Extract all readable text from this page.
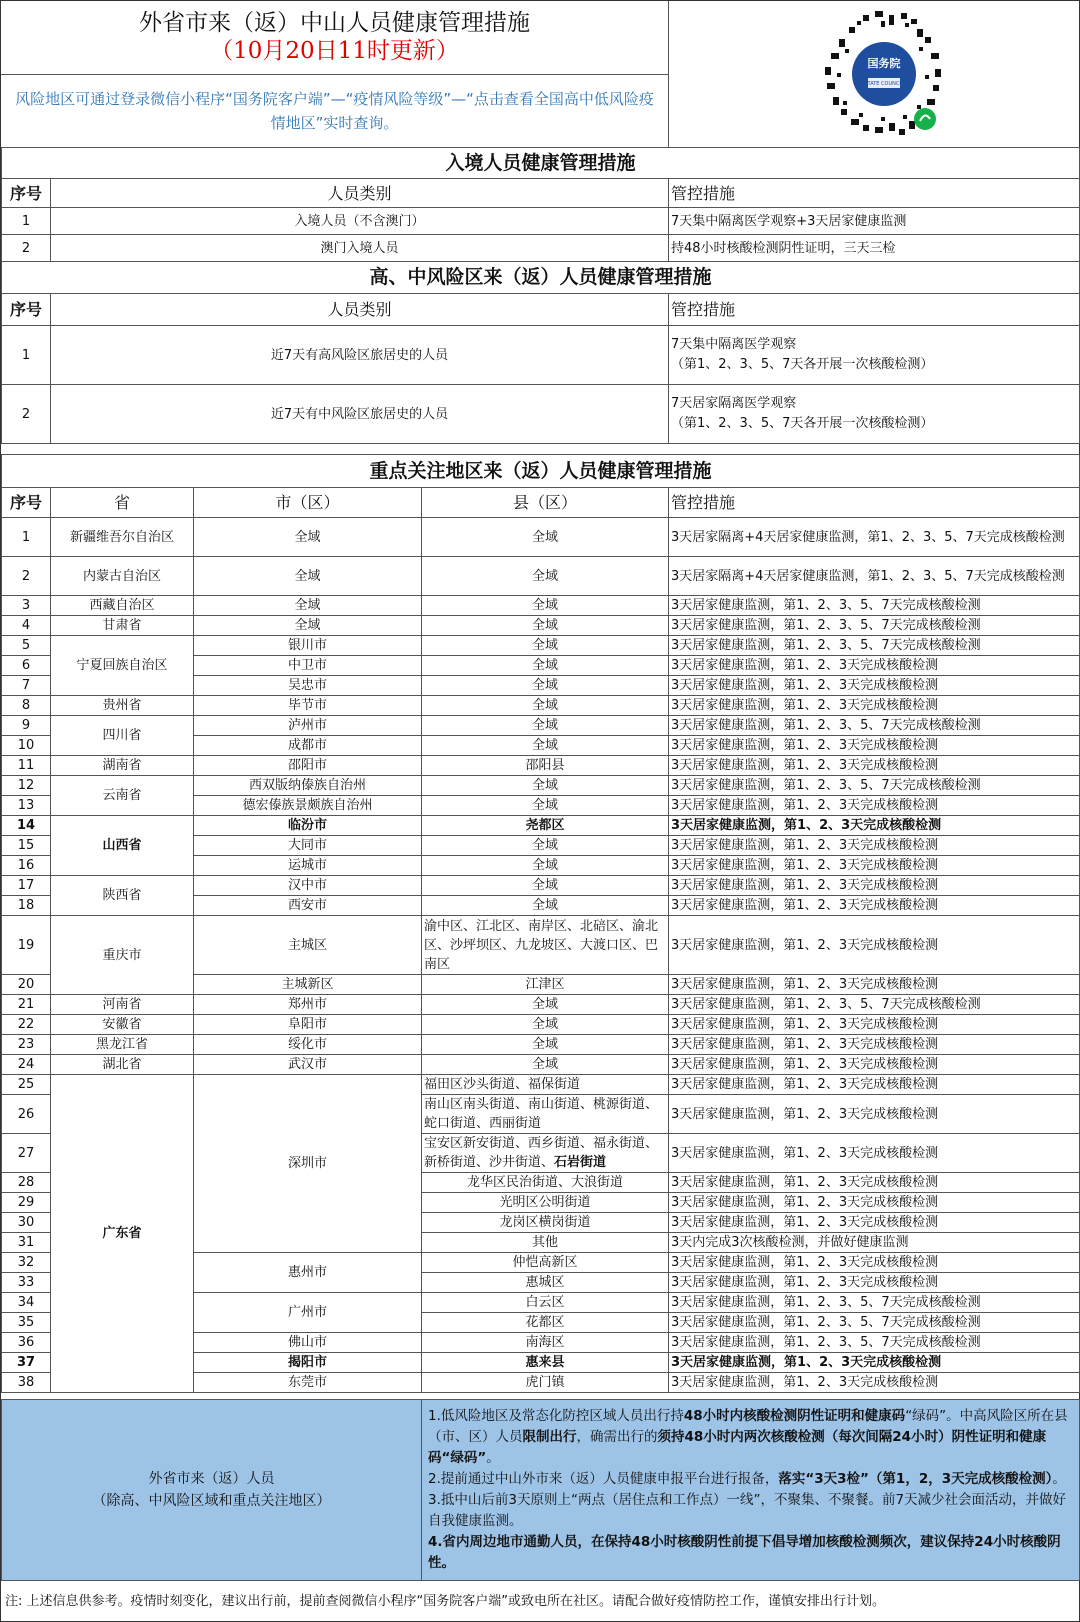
外省市来（返）中山人员健康管理措施
（10月20日11时更新）
风险地区可通过登录微信小程序“国务院客户端”—“疫情风险等级”—“点击查看全国高中低风险疫情地区”实时查询。
国务院
STATE COUNCIL
入境人员健康管理措施		
序号	人员类别	管控措施
1	入境人员（不含澳门）	7天集中隔离医学观察+3天居家健康监测
2	澳门入境人员	持48小时核酸检测阴性证明，三天三检
高、中风险区来（返）人员健康管理措施		
序号	人员类别	管控措施
1	近7天有高风险区旅居史的人员	7天集中隔离医学观察
（第1、2、3、5、7天各开展一次核酸检测）

2	近7天有中风险区旅居史的人员	7天居家隔离医学观察
（第1、2、3、5、7天各开展一次核酸检测）
重点关注地区来（返）人员健康管理措施				
序号	省	市（区）	县（区）	管控措施
1	新疆维吾尔自治区	全域	全域	3天居家隔离+4天居家健康监测，第1、2、3、5、7天完成核酸检测
2	内蒙古自治区	全域	全域	3天居家隔离+4天居家健康监测，第1、2、3、5、7天完成核酸检测
3	西藏自治区	全域	全域	3天居家健康监测，第1、2、3、5、7天完成核酸检测
4	甘肃省	全域	全域	3天居家健康监测，第1、2、3、5、7天完成核酸检测
5	宁夏回族自治区	银川市	全域	3天居家健康监测，第1、2、3、5、7天完成核酸检测
6		中卫市	全域	3天居家健康监测，第1、2、3天完成核酸检测
7		吴忠市	全域	3天居家健康监测，第1、2、3天完成核酸检测
8	贵州省	毕节市	全域	3天居家健康监测，第1、2、3天完成核酸检测
9	四川省	泸州市	全域	3天居家健康监测，第1、2、3、5、7天完成核酸检测
10		成都市	全域	3天居家健康监测，第1、2、3天完成核酸检测
11	湖南省	邵阳市	邵阳县	3天居家健康监测，第1、2、3天完成核酸检测
12	云南省	西双版纳傣族自治州	全域	3天居家健康监测，第1、2、3、5、7天完成核酸检测
13		德宏傣族景颇族自治州	全域	3天居家健康监测，第1、2、3天完成核酸检测
14	山西省	临汾市	尧都区	3天居家健康监测，第1、2、3天完成核酸检测
15		大同市	全域	3天居家健康监测，第1、2、3天完成核酸检测
16		运城市	全域	3天居家健康监测，第1、2、3天完成核酸检测
17	陕西省	汉中市	全域	3天居家健康监测，第1、2、3天完成核酸检测
18		西安市	全域	3天居家健康监测，第1、2、3天完成核酸检测
19	重庆市	主城区	渝中区、江北区、南岸区、北碚区、渝北区、沙坪坝区、九龙坡区、大渡口区、巴南区	3天居家健康监测，第1、2、3天完成核酸检测
20		主城新区	江津区	3天居家健康监测，第1、2、3天完成核酸检测
21	河南省	郑州市	全域	3天居家健康监测，第1、2、3、5、7天完成核酸检测
22	安徽省	阜阳市	全域	3天居家健康监测，第1、2、3天完成核酸检测
23	黑龙江省	绥化市	全域	3天居家健康监测，第1、2、3天完成核酸检测
24	湖北省	武汉市	全域	3天居家健康监测，第1、2、3天完成核酸检测
25	广东省	深圳市	福田区沙头街道、福保街道	3天居家健康监测，第1、2、3天完成核酸检测
26			南山区南头街道、南山街道、桃源街道、蛇口街道、西丽街道	3天居家健康监测，第1、2、3天完成核酸检测
27			宝安区新安街道、西乡街道、福永街道、新桥街道、沙井街道、石岩街道	3天居家健康监测，第1、2、3天完成核酸检测
28			龙华区民治街道、大浪街道	3天居家健康监测，第1、2、3天完成核酸检测
29			光明区公明街道	3天居家健康监测，第1、2、3天完成核酸检测
30			龙岗区横岗街道	3天居家健康监测，第1、2、3天完成核酸检测
31			其他	3天内完成3次核酸检测，并做好健康监测
32		惠州市	仲恺高新区	3天居家健康监测，第1、2、3天完成核酸检测
33			惠城区	3天居家健康监测，第1、2、3天完成核酸检测
34		广州市	白云区	3天居家健康监测，第1、2、3、5、7天完成核酸检测
35			花都区	3天居家健康监测，第1、2、3、5、7天完成核酸检测
36		佛山市	南海区	3天居家健康监测，第1、2、3、5、7天完成核酸检测
37		揭阳市	惠来县	3天居家健康监测，第1、2、3天完成核酸检测
38		东莞市	虎门镇	3天居家健康监测，第1、2、3天完成核酸检测
外省市来（返）人员
（除高、中风险区域和重点关注地区）

1.低风险地区及常态化防控区域人员出行持48小时内核酸检测阴性证明和健康码“绿码”。中高风险区所在县（市、区）人员限制出行，确需出行的须持48小时内两次核酸检测（每次间隔24小时）阴性证明和健康码“绿码”。
2.提前通过中山外市来（返）人员健康申报平台进行报备，落实“3天3检”（第1，2，3天完成核酸检测）。
3.抵中山后前3天原则上“两点（居住点和工作点）一线”，不聚集、不聚餐。前7天减少社会面活动，并做好自我健康监测。
4.省内周边地市通勤人员，在保持48小时核酸阴性前提下倡导增加核酸检测频次，建议保持24小时核酸阴性。
注: 上述信息供参考。疫情时刻变化，建议出行前，提前查阅微信小程序“国务院客户端”或致电所在社区。请配合做好疫情防控工作，谨慎安排出行计划。
